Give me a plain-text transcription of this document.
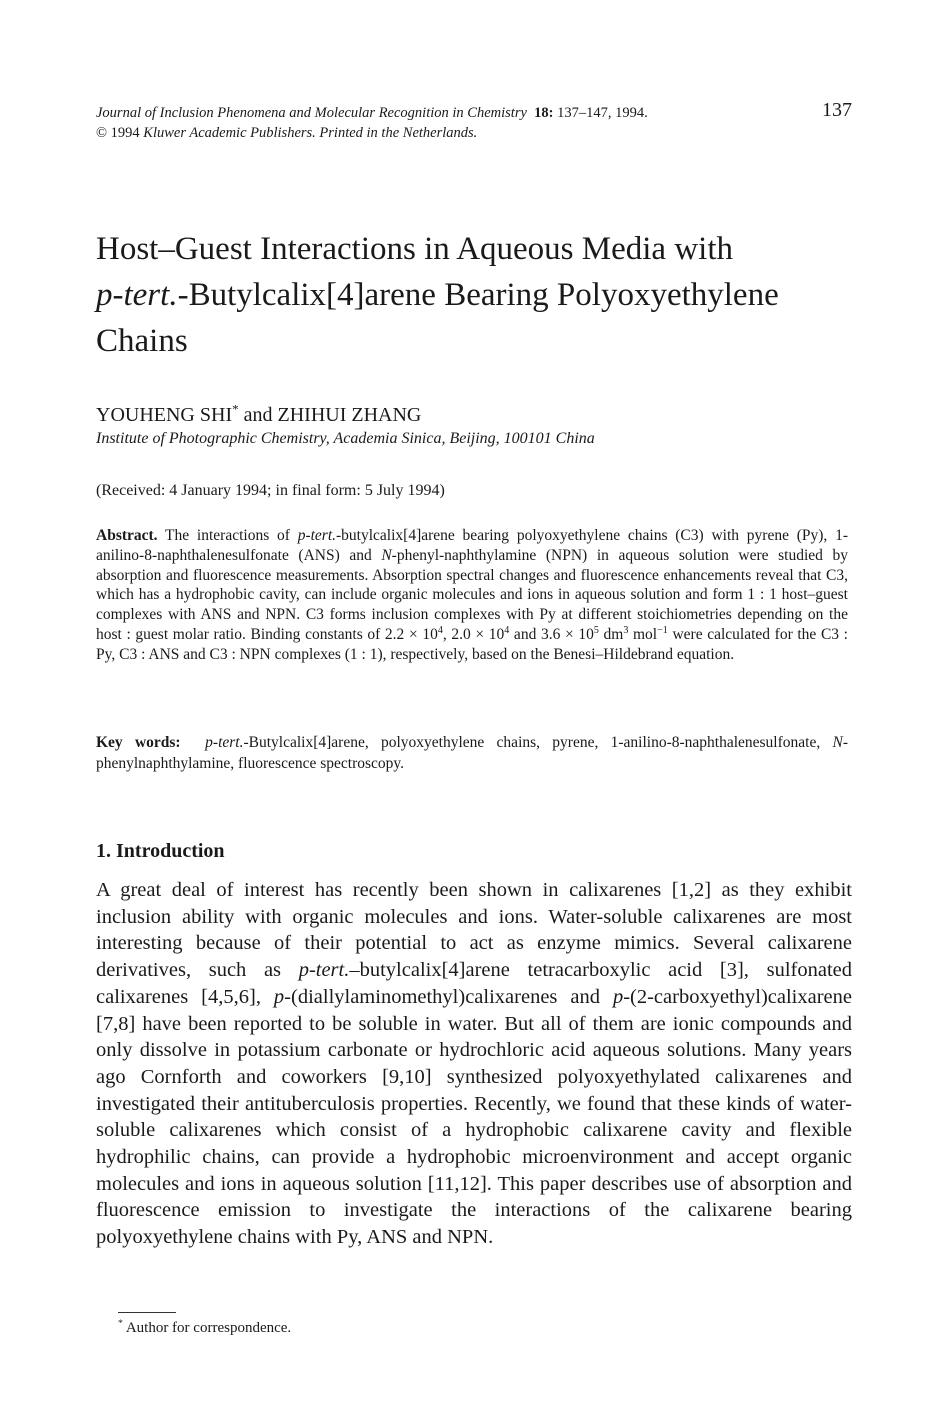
Journal of Inclusion Phenomena and Molecular Recognition in Chemistry 18: 137–147, 1994.
© 1994 Kluwer Academic Publishers. Printed in the Netherlands.
137
Host–Guest Interactions in Aqueous Media with
p-tert.-Butylcalix[4]arene Bearing Polyoxyethylene
Chains
YOUHENG SHI* and ZHIHUI ZHANG
Institute of Photographic Chemistry, Academia Sinica, Beijing, 100101 China
(Received: 4 January 1994; in final form: 5 July 1994)
Abstract. The interactions of p-tert.-butylcalix[4]arene bearing polyoxyethylene chains (C3) with pyrene (Py), 1-anilino-8-naphthalenesulfonate (ANS) and N-phenyl-naphthylamine (NPN) in aqueous solution were studied by absorption and fluorescence measurements. Absorption spectral changes and fluorescence enhancements reveal that C3, which has a hydrophobic cavity, can include organic molecules and ions in aqueous solution and form 1 : 1 host–guest complexes with ANS and NPN. C3 forms inclusion complexes with Py at different stoichiometries depending on the host : guest molar ratio. Binding constants of $2.2 \times 10^4$, $2.0 \times 10^4$ and $3.6 \times 10^5$ $dm^3$ mol$^{-1}$ were calculated for the C3 : Py, C3 : ANS and C3 : NPN complexes (1 : 1), respectively, based on the Benesi–Hildebrand equation.
Key words: p-tert.-Butylcalix[4]arene, polyoxyethylene chains, pyrene, 1-anilino-8-naphthalenesulfonate, N-phenylnaphthylamine, fluorescence spectroscopy.
1. Introduction
A great deal of interest has recently been shown in calixarenes [1,2] as they exhibit inclusion ability with organic molecules and ions. Water-soluble calixarenes are most interesting because of their potential to act as enzyme mimics. Several calixarene derivatives, such as p-tert.–butylcalix[4]arene tetracarboxylic acid [3], sulfonated calixarenes [4,5,6], p-(diallylaminomethyl)calixarenes and p-(2-carboxyethyl)calixarene [7,8] have been reported to be soluble in water. But all of them are ionic compounds and only dissolve in potassium carbonate or hydrochloric acid aqueous solutions. Many years ago Cornforth and coworkers [9,10] synthesized polyoxyethylated calixarenes and investigated their antituberculosis properties. Recently, we found that these kinds of water-soluble calixarenes which consist of a hydrophobic calixarene cavity and flexible hydrophilic chains, can provide a hydrophobic microenvironment and accept organic molecules and ions in aqueous solution [11,12]. This paper describes use of absorption and fluorescence emission to investigate the interactions of the calixarene bearing polyoxyethylene chains with Py, ANS and NPN.
* Author for correspondence.
